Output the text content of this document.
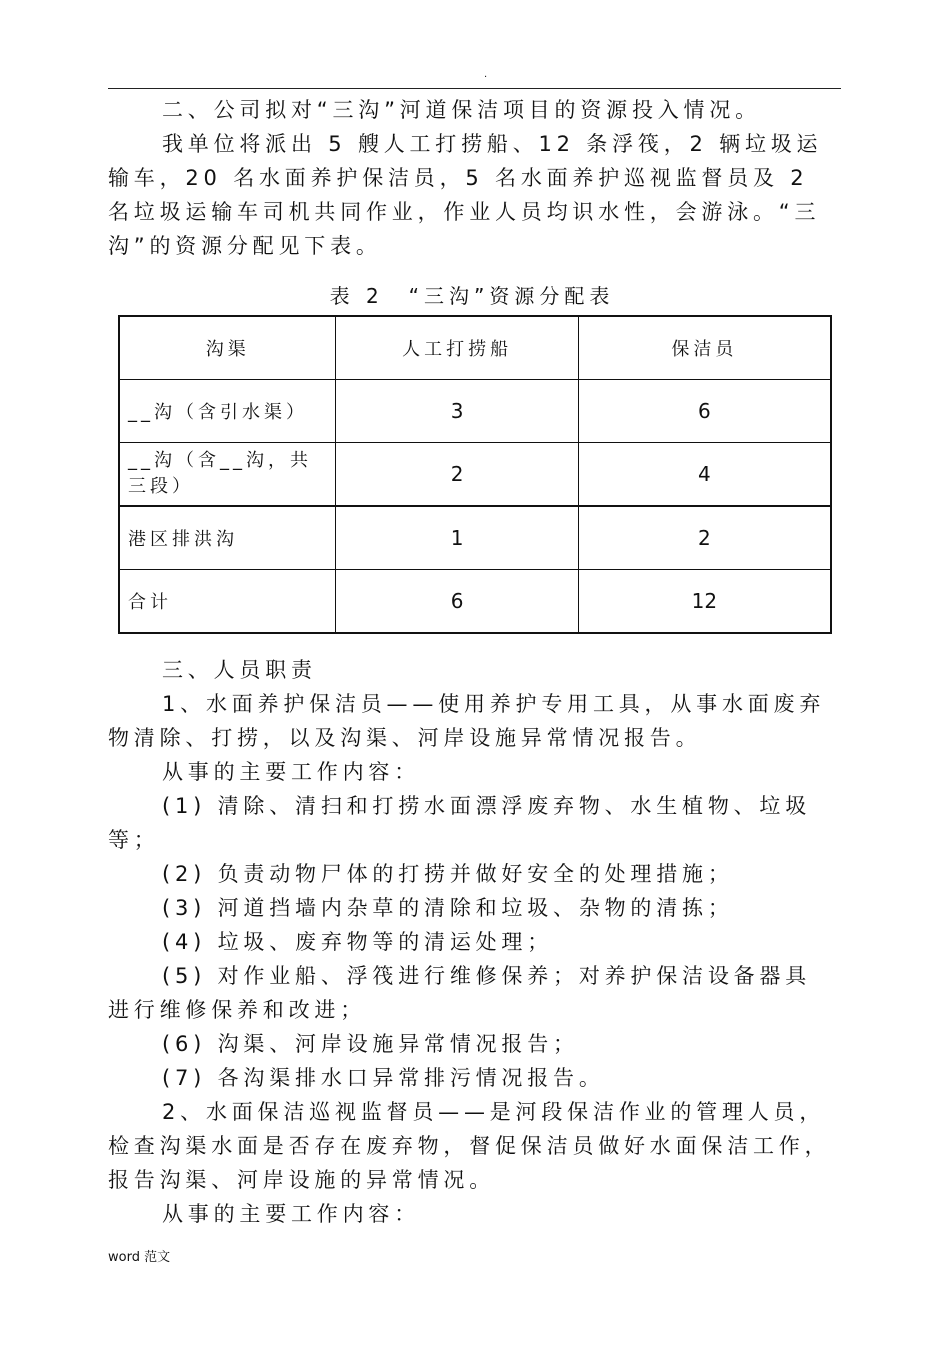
.

二、公司拟对“三沟”河道保洁项目的资源投入情况。

我单位将派出 5 艘人工打捞船、12 条浮筏，2 辆垃圾运输车，20 名水面养护保洁员，5 名水面养护巡视监督员及 2 名垃圾运输车司机共同作业，作业人员均识水性，会游泳。“三沟”的资源分配见下表。

表 2　“三沟”资源分配表
沟渠	人工打捞船	保洁员
__沟（含引水渠）	3	6
__沟（含__沟，共三段）	2	4
港区排洪沟	1	2
合计	6	12

三、人员职责

1、水面养护保洁员——使用养护专用工具，从事水面废弃物清除、打捞，以及沟渠、河岸设施异常情况报告。

从事的主要工作内容：

(1) 清除、清扫和打捞水面漂浮废弃物、水生植物、垃圾等；

(2) 负责动物尸体的打捞并做好安全的处理措施；

(3) 河道挡墙内杂草的清除和垃圾、杂物的清拣；

(4) 垃圾、废弃物等的清运处理；

(5) 对作业船、浮筏进行维修保养；对养护保洁设备器具进行维修保养和改进；

(6) 沟渠、河岸设施异常情况报告；

(7) 各沟渠排水口异常排污情况报告。

2、水面保洁巡视监督员——是河段保洁作业的管理人员，检查沟渠水面是否存在废弃物，督促保洁员做好水面保洁工作，报告沟渠、河岸设施的异常情况。

从事的主要工作内容：

word 范文
